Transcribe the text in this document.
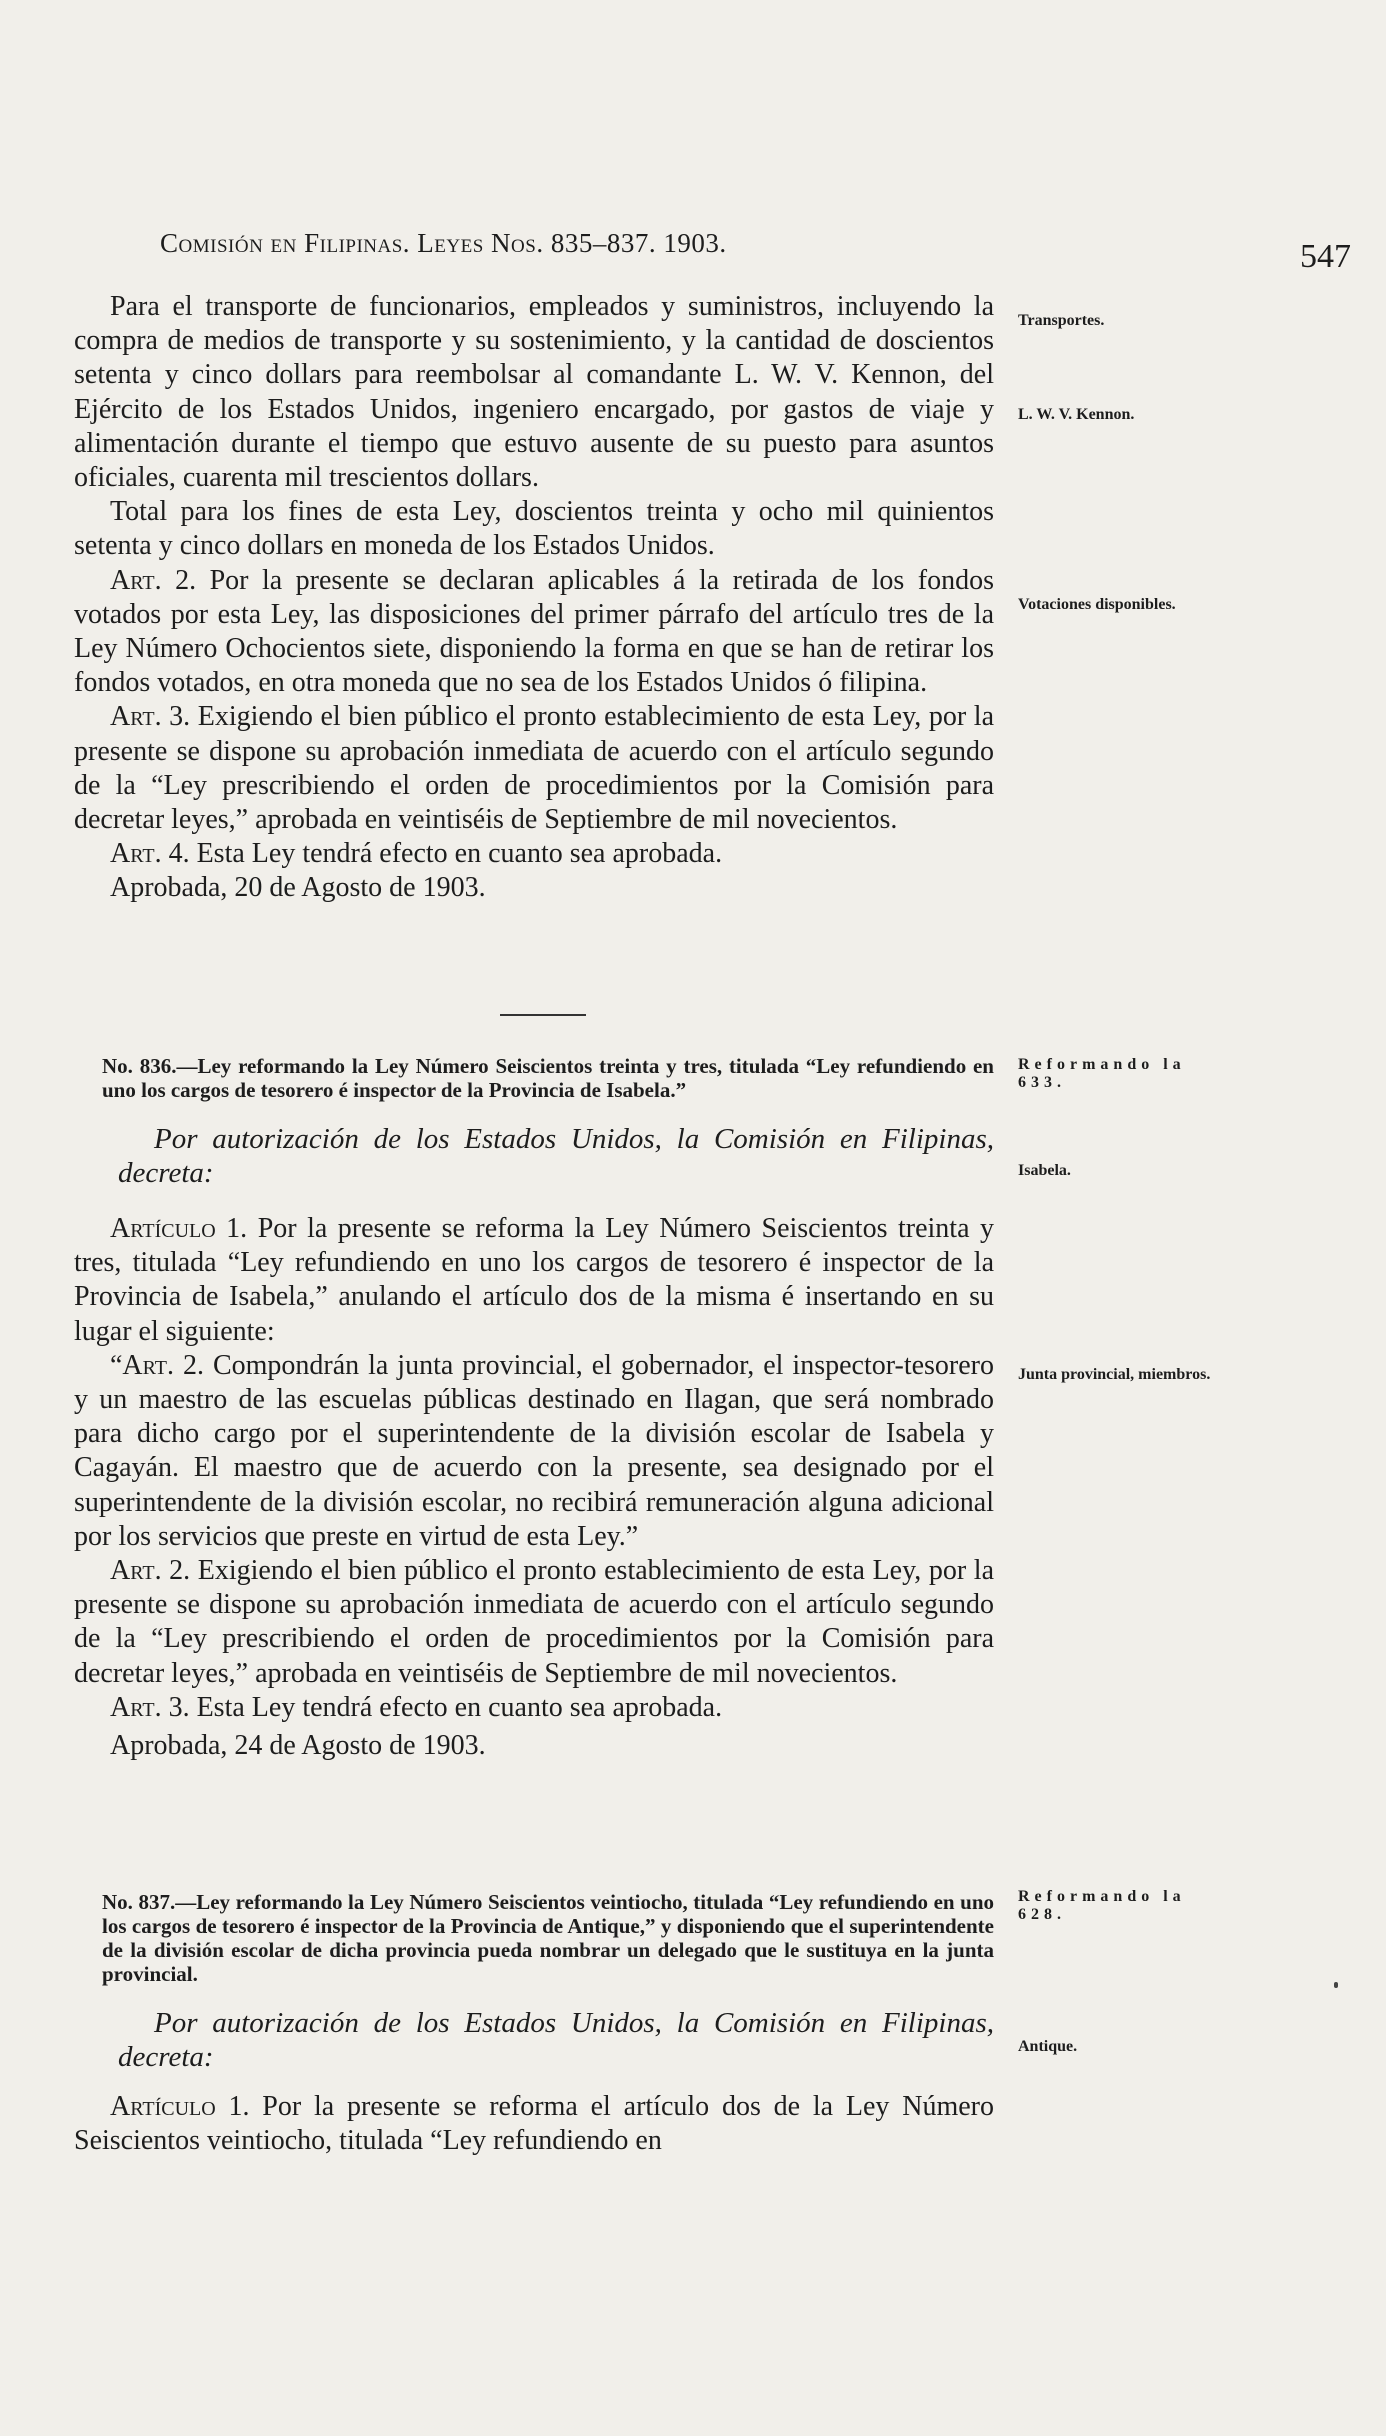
Comisión en Filipinas. Leyes Nos. 835–837. 1903.	547

Para el transporte de funcionarios, empleados y suministros, incluyendo la compra de medios de transporte y su sostenimiento, y la cantidad de doscientos setenta y cinco dollars para reembolsar al comandante L. W. V. Kennon, del Ejército de los Estados Unidos, ingeniero encargado, por gastos de viaje y alimentación durante el tiempo que estuvo ausente de su puesto para asuntos oficiales, cuarenta mil trescientos dollars.

Total para los fines de esta Ley, doscientos treinta y ocho mil quinientos setenta y cinco dollars en moneda de los Estados Unidos.

Art. 2. Por la presente se declaran aplicables á la retirada de los fondos votados por esta Ley, las disposiciones del primer párrafo del artículo tres de la Ley Número Ochocientos siete, disponiendo la forma en que se han de retirar los fondos votados, en otra moneda que no sea de los Estados Unidos ó filipina.

Art. 3. Exigiendo el bien público el pronto establecimiento de esta Ley, por la presente se dispone su aprobación inmediata de acuerdo con el artículo segundo de la “Ley prescribiendo el orden de procedimientos por la Comisión para decretar leyes,” aprobada en veintiséis de Septiembre de mil novecientos.

Art. 4. Esta Ley tendrá efecto en cuanto sea aprobada.

Aprobada, 20 de Agosto de 1903.

No. 836.—Ley reformando la Ley Número Seiscientos treinta y tres, titulada “Ley refundiendo en uno los cargos de tesorero é inspector de la Provincia de Isabela.”

Por autorización de los Estados Unidos, la Comisión en Filipinas, decreta:

Artículo 1. Por la presente se reforma la Ley Número Seiscientos treinta y tres, titulada “Ley refundiendo en uno los cargos de tesorero é inspector de la Provincia de Isabela,” anulando el artículo dos de la misma é insertando en su lugar el siguiente:

“Art. 2. Compondrán la junta provincial, el gobernador, el inspector-tesorero y un maestro de las escuelas públicas destinado en Ilagan, que será nombrado para dicho cargo por el superintendente de la división escolar de Isabela y Cagayán. El maestro que de acuerdo con la presente, sea designado por el superintendente de la división escolar, no recibirá remuneración alguna adicional por los servicios que preste en virtud de esta Ley.”

Art. 2. Exigiendo el bien público el pronto establecimiento de esta Ley, por la presente se dispone su aprobación inmediata de acuerdo con el artículo segundo de la “Ley prescribiendo el orden de procedimientos por la Comisión para decretar leyes,” aprobada en veintiséis de Septiembre de mil novecientos.

Art. 3. Esta Ley tendrá efecto en cuanto sea aprobada.

Aprobada, 24 de Agosto de 1903.

No. 837.—Ley reformando la Ley Número Seiscientos veintiocho, titulada “Ley refundiendo en uno los cargos de tesorero é inspector de la Provincia de Antique,” y disponiendo que el superintendente de la división escolar de dicha provincia pueda nombrar un delegado que le sustituya en la junta provincial.

Por autorización de los Estados Unidos, la Comisión en Filipinas, decreta:

Artículo 1. Por la presente se reforma el artículo dos de la Ley Número Seiscientos veintiocho, titulada “Ley refundiendo en

Transportes.
L. W. V. Kennon.
Votaciones disponibles.
Reformando la 633.
Isabela.
Junta provincial, miembros.
Reformando la 628.
Antique.
